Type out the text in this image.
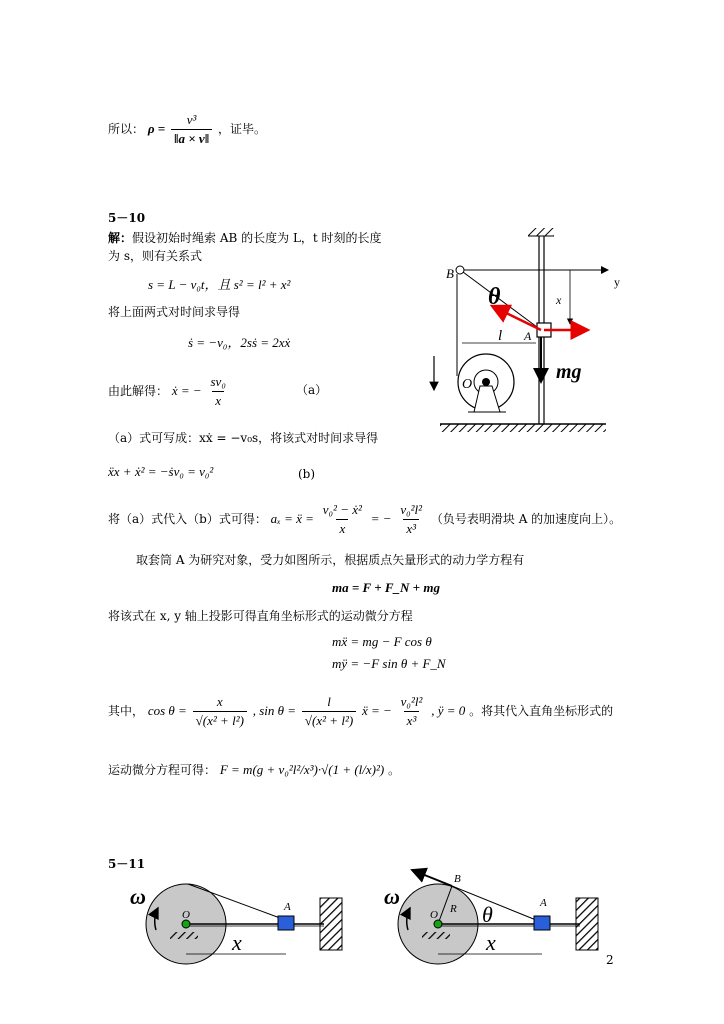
所以： $\rho = \frac{\text{v³}}{‖a \times v‖}$ ，证毕。
5－10
解：假设初始时绳索 AB 的长度为 L，t 时刻的长度
为 s，则有关系式
s = L − v₀t，且 s² = l² + x²
将上面两式对时间求导得
ṡ = −v₀，2sṡ = 2xẋ
由此解得： ẋ = − $\frac{\text{sv₀}}{x}$	（a）
（a）式可写成：xẋ = −v₀s，将该式对时间求导得
ẍx + ẋ² = −ṡv₀ = v₀²	(b)
将（a）式代入（b）式可得： aₓ = ẍ = $\frac{\text{v₀² − ẋ²}}{x}$ = − $\frac{\text{v₀²l²}}{\text{x³}}$ （负号表明滑块 A 的加速度向上）。
取套筒 A 为研究对象，受力如图所示，根据质点矢量形式的动力学方程有
ma = F + F_N + mg
将该式在 x, y 轴上投影可得直角坐标形式的运动微分方程
mẍ = mg − F cos θ
mÿ = −F sin θ + F_N
其中， $\cos \theta = \frac{x}{\text{√(x² + l²)}}$ , $\sin \theta = \frac{l}{\text{√(x² + l²)}}$ ẍ = − $\frac{\text{v₀²l²}}{\text{x³}}$ , ÿ = 0 。将其代入直角坐标形式的
运动微分方程可得： F = m(g + v₀²l²/x³)·√(1 + (l/x)²) 。
B
y
θ	x
l A
mg
O
5－11
ω
O
A
x
ω
O R
B
A
θ
x
2
